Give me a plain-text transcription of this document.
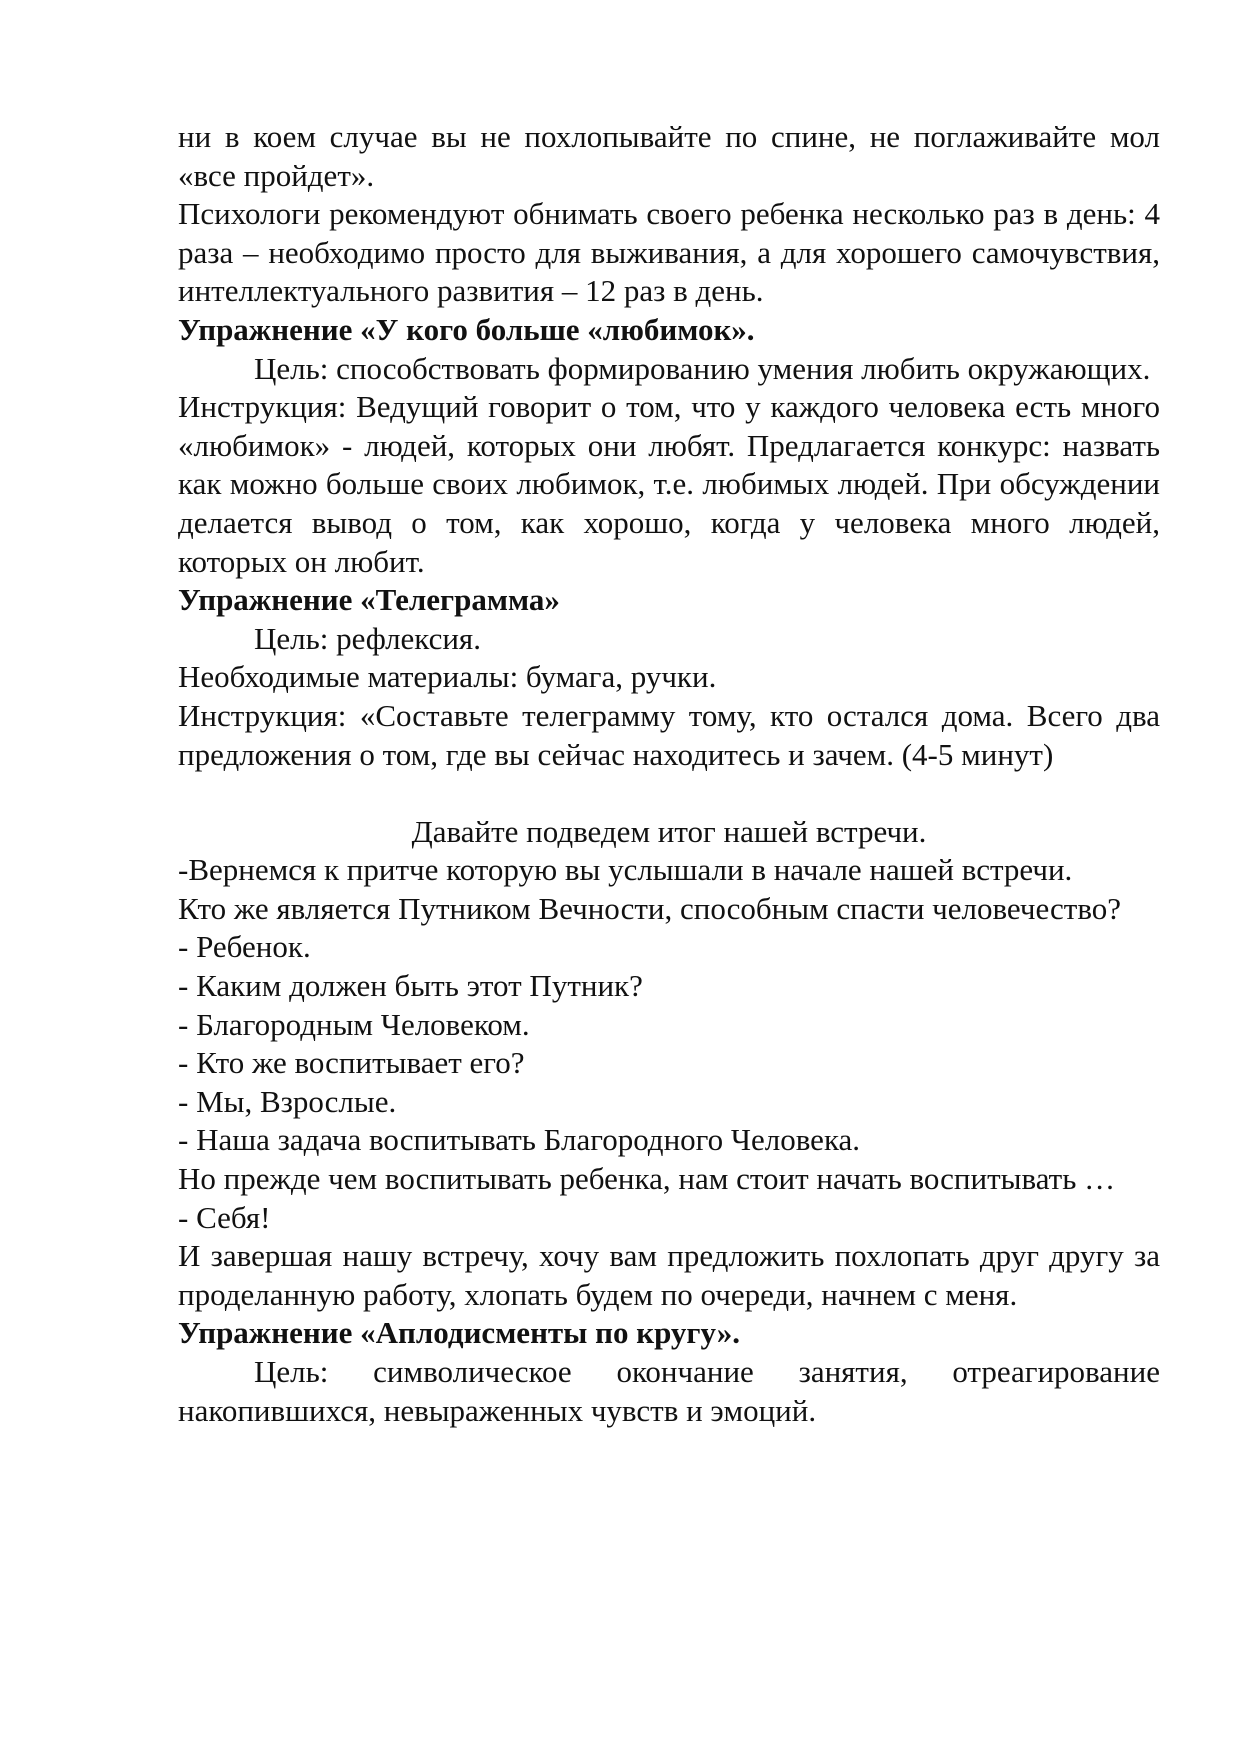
ни в коем случае вы не похлопывайте по спине, не поглаживайте мол «все пройдет».

Психологи рекомендуют обнимать своего ребенка несколько раз в день: 4 раза – необходимо просто для выживания, а для хорошего самочувствия, интеллектуального развития – 12 раз в день.

Упражнение «У кого больше «любимок».

Цель: способствовать формированию умения любить окружающих.

Инструкция: Ведущий говорит о том, что у каждого человека есть много «любимок» - людей, которых они любят. Предлагается конкурс: назвать как можно больше своих любимок, т.е. любимых людей. При обсуждении делается вывод о том, как хорошо, когда у человека много людей, которых он любит.

Упражнение «Телеграмма»

Цель: рефлексия.

Необходимые материалы: бумага, ручки.

Инструкция: «Составьте телеграмму тому, кто остался дома. Всего два предложения о том, где вы сейчас находитесь и зачем. (4-5 минут)

Давайте подведем итог нашей встречи.

-Вернемся к притче которую вы услышали в начале нашей встречи.

Кто же является Путником Вечности, способным спасти человечество?

- Ребенок.

- Каким должен быть этот Путник?

- Благородным Человеком.

- Кто же воспитывает его?

- Мы, Взрослые.

- Наша задача воспитывать Благородного Человека.

Но прежде чем воспитывать ребенка, нам стоит начать воспитывать …

- Себя!

И завершая нашу встречу, хочу вам предложить похлопать друг другу за проделанную работу, хлопать будем по очереди, начнем с меня.

Упражнение «Аплодисменты по кругу».

Цель: символическое окончание занятия, отреагирование накопившихся, невыраженных чувств и эмоций.
